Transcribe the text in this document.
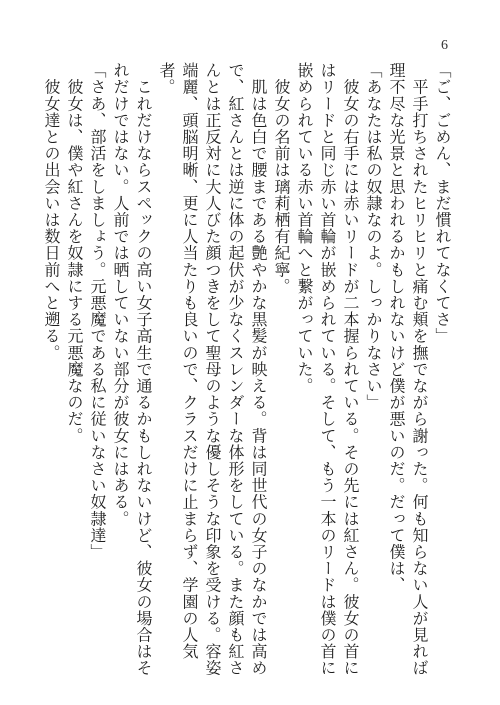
6

「ご、ごめん、まだ慣れてなくてさ」

　平手打ちされたヒリヒリと痛む頬を撫でながら謝った。何も知らない人が見れば理不尽な光景と思われるかもしれないけど僕が悪いのだ。だって僕は、

「あなたは私の奴隷なのよ。しっかりなさい」

　彼女の右手には赤いリードが二本握られている。その先には紅さん。彼女の首にはリードと同じ赤い首輪が嵌められている。そして、もう一本のリードは僕の首に嵌められている赤い首輪へと繋がっていた。

　彼女の名前は璃莉栖有紀寧。

　肌は色白で腰まである艶やかな黒髪が映える。背は同世代の女子のなかでは高めで、紅さんとは逆に体の起伏が少なくスレンダーな体形をしている。また顔も紅さんとは正反対に大人びた顔つきをして聖母のような優しそうな印象を受ける。容姿端麗、頭脳明晰、更に人当たりも良いので、クラスだけに止まらず、学園の人気者。

　これだけならスペックの高い女子高生で通るかもしれないけど、彼女の場合はそれだけではない。人前では晒していない部分が彼女にはある。

「さあ、部活をしましょう。元悪魔である私に従いなさい奴隷達」

　彼女は、僕や紅さんを奴隷にする元悪魔なのだ。

　彼女達との出会いは数日前へと遡る。
